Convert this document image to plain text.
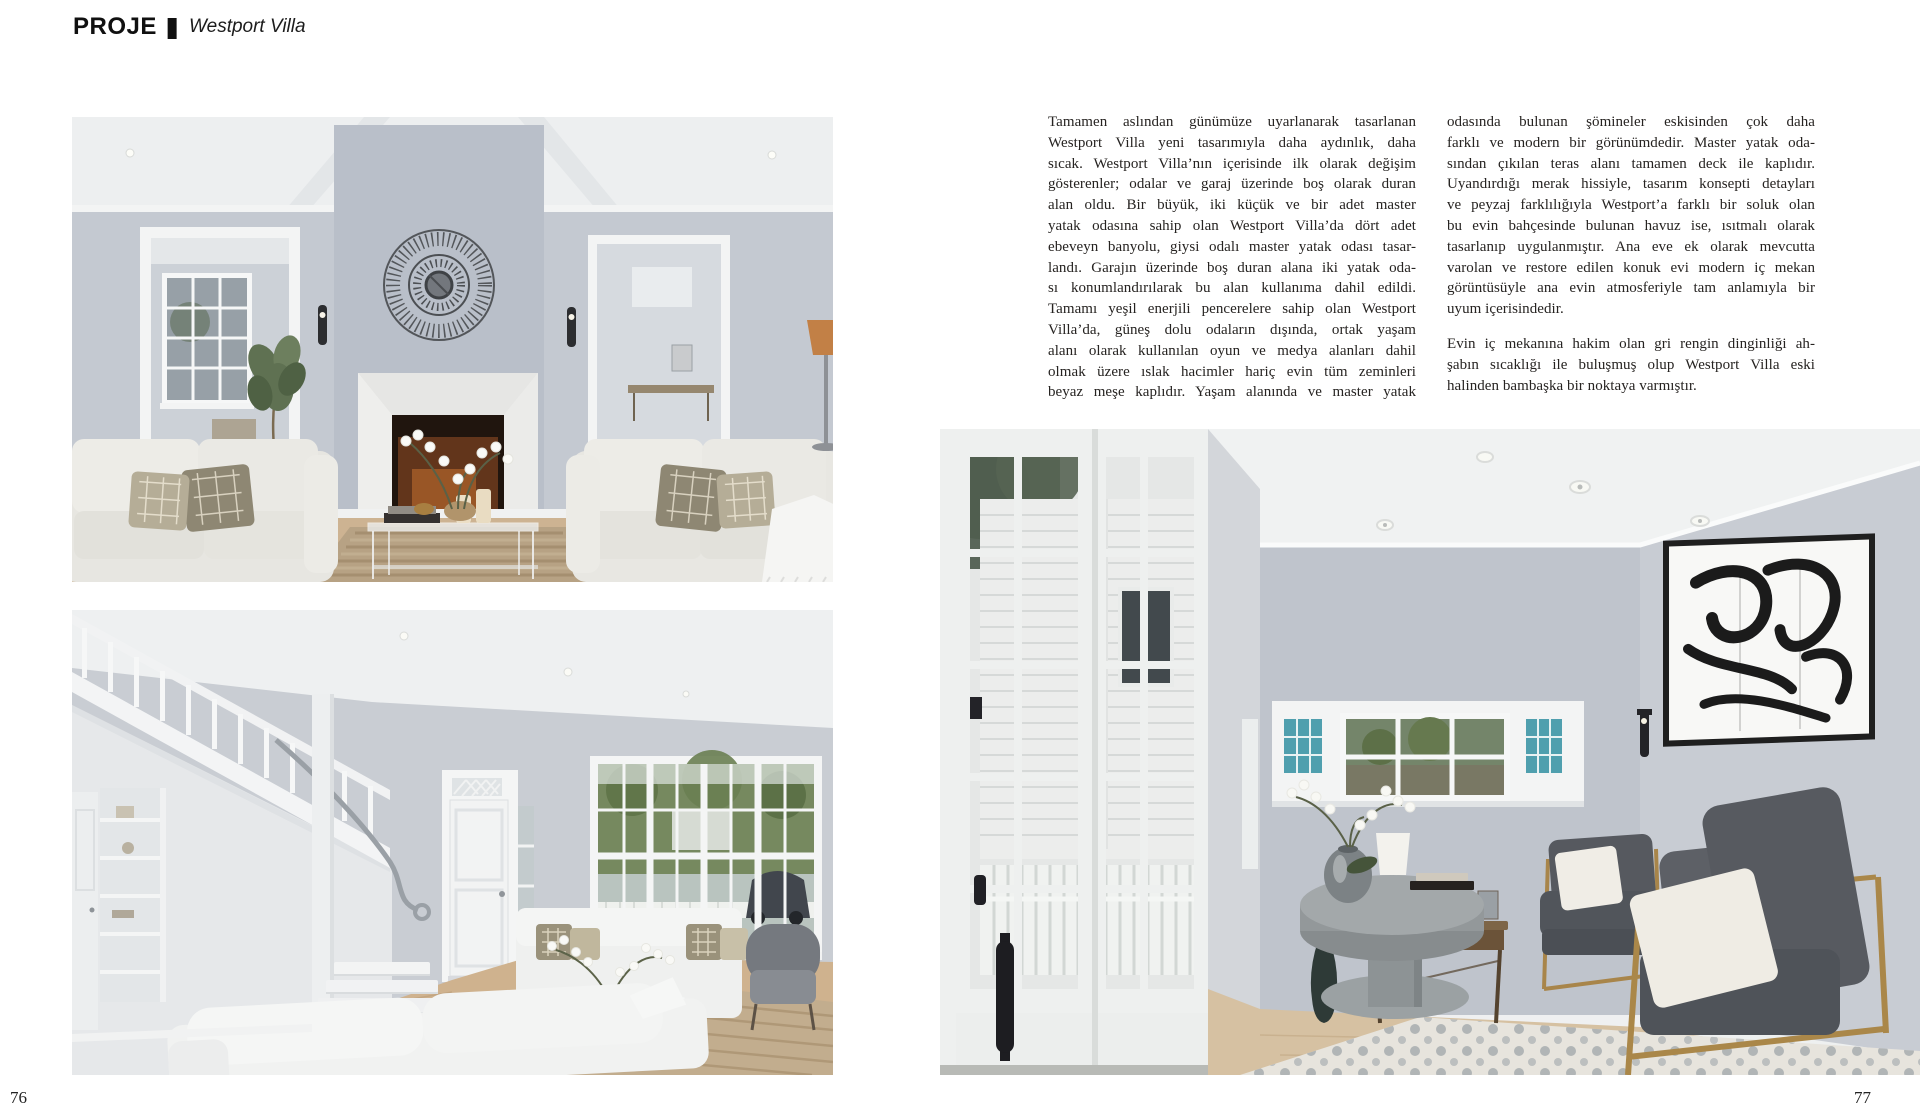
PROJE | Westport Villa
Tamamen aslından günümüze uyarlanarak tasarlanan
Westport Villa yeni tasarımıyla daha aydınlık, daha
sıcak. Westport Villa’nın içerisinde ilk olarak değişim
gösterenler; odalar ve garaj üzerinde boş olarak duran
alan oldu. Bir büyük, iki küçük ve bir adet master
yatak odasına sahip olan Westport Villa’da dört adet
ebeveyn banyolu, giysi odalı master yatak odası tasar-
landı. Garajın üzerinde boş duran alana iki yatak oda-
sı konumlandırılarak bu alan kullanıma dahil edildi.
Tamamı yeşil enerjili pencerelere sahip olan Westport
Villa’da, güneş dolu odaların dışında, ortak yaşam
alanı olarak kullanılan oyun ve medya alanları dahil
olmak üzere ıslak hacimler hariç evin tüm zeminleri
beyaz meşe kaplıdır. Yaşam alanında ve master yatak
odasında bulunan şömineler eskisinden çok daha
farklı ve modern bir görünümdedir. Master yatak oda-
sından çıkılan teras alanı tamamen deck ile kaplıdır.
Uyandırdığı merak hissiyle, tasarım konsepti detayları
ve peyzaj farklılığıyla Westport’a farklı bir soluk olan
bu evin bahçesinde bulunan havuz ise, ısıtmalı olarak
tasarlanıp uygulanmıştır. Ana eve ek olarak mevcutta
varolan ve restore edilen konuk evi modern iç mekan
görüntüsüyle ana evin atmosferiyle tam anlamıyla bir
uyum içerisindedir.
Evin iç mekanına hakim olan gri rengin dinginliği ah-
şabın sıcaklığı ile buluşmuş olup Westport Villa eski
halinden bambaşka bir noktaya varmıştır.
76	77
